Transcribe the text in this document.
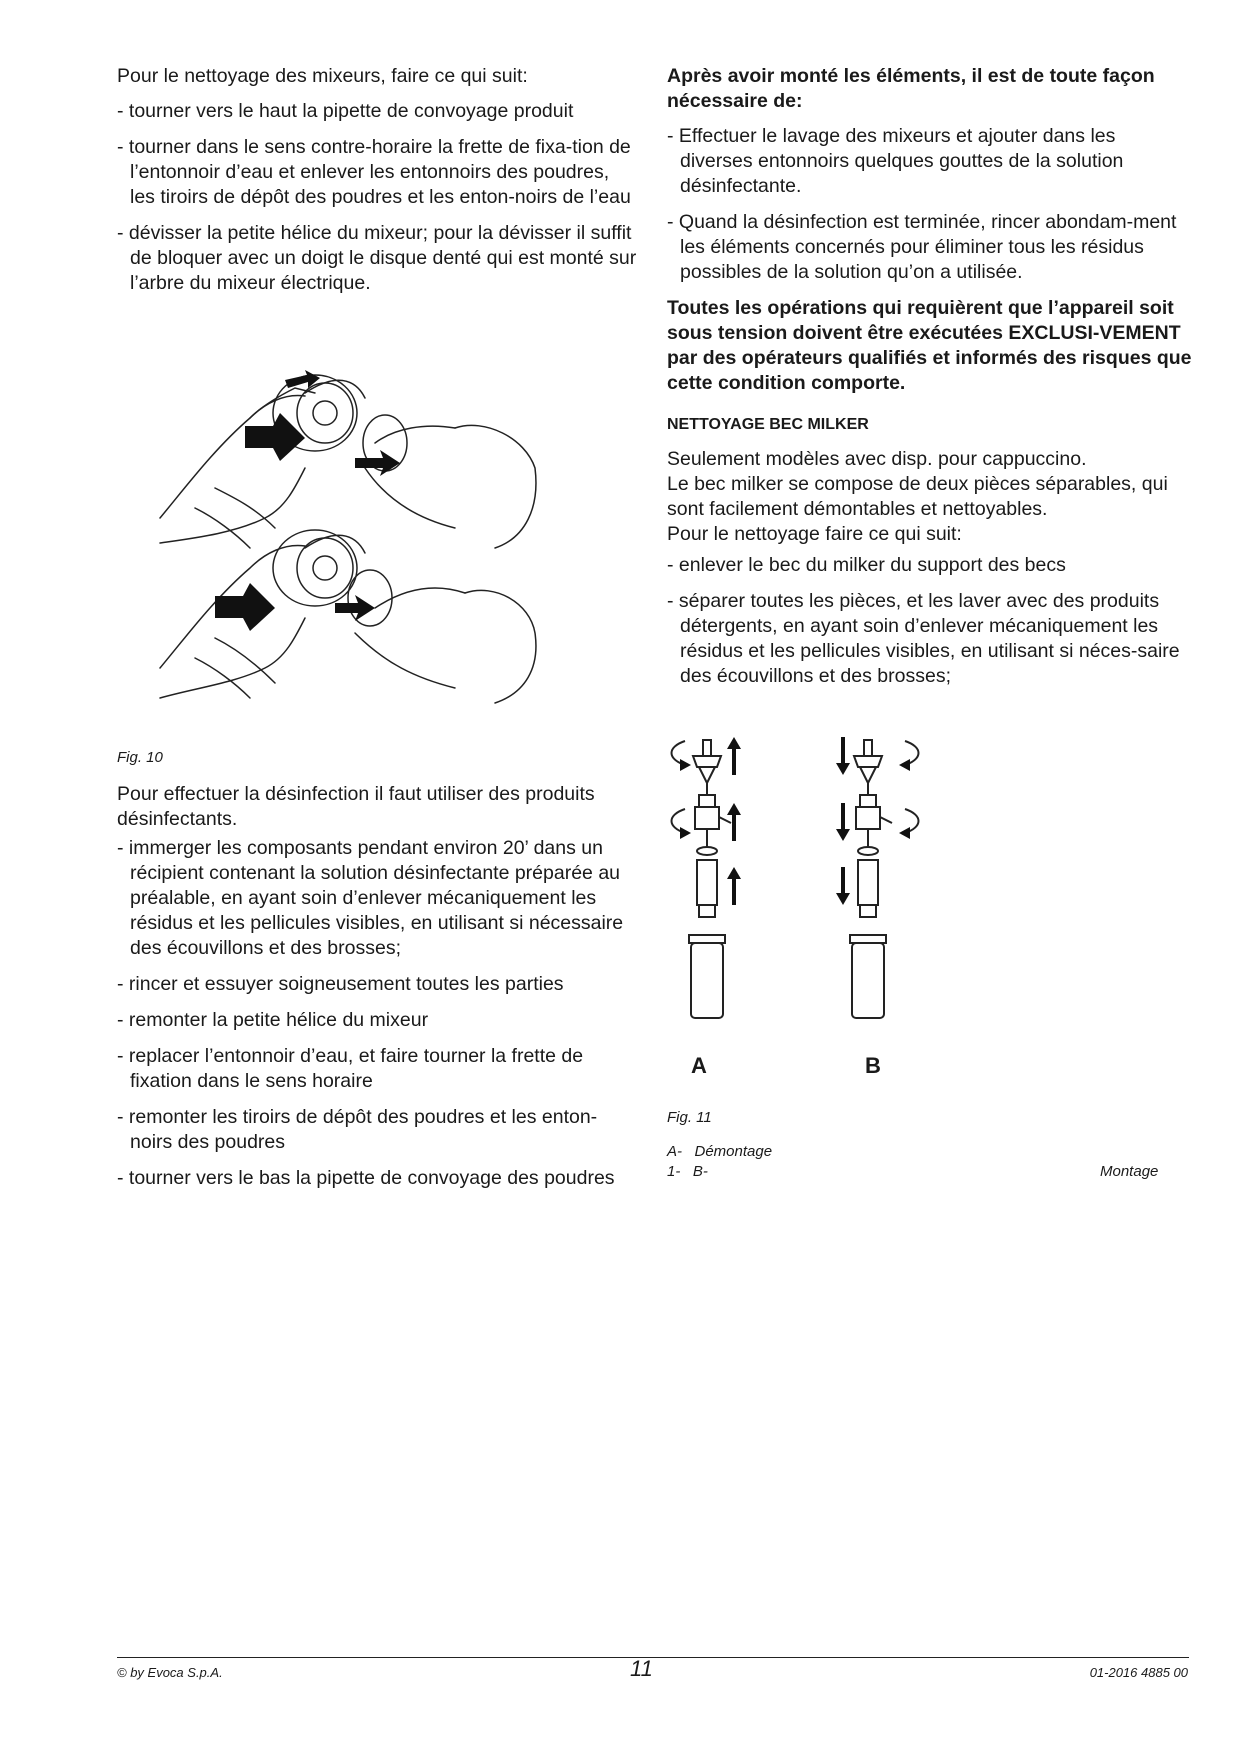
Pour le nettoyage des mixeurs, faire ce qui suit:

- tourner vers le haut la pipette de convoyage produit

- tourner dans le sens contre-horaire la frette de fixa-tion de l’entonnoir d’eau et enlever les entonnoirs des poudres, les tiroirs de dépôt des poudres et les enton-noirs de l’eau

- dévisser la petite hélice du mixeur; pour la dévisser il suffit de bloquer avec un doigt le disque denté qui est monté sur l’arbre du mixeur électrique.

Fig. 10

Pour effectuer la désinfection il faut utiliser des produits désinfectants.

- immerger les composants pendant environ 20’ dans un récipient contenant la solution désinfectante préparée au préalable, en ayant soin d’enlever mécaniquement les résidus et les pellicules visibles, en utilisant si nécessaire des écouvillons et des brosses;

- rincer et essuyer soigneusement toutes les parties

- remonter la petite hélice du mixeur

- replacer l’entonnoir d’eau, et faire tourner la frette de fixation dans le sens horaire

- remonter les tiroirs de dépôt des poudres et les enton-noirs des poudres

- tourner vers le bas la pipette de convoyage des poudres

Après avoir monté les éléments, il est de toute façon nécessaire de:

- Effectuer le lavage des mixeurs et ajouter dans les diverses entonnoirs quelques gouttes de la solution désinfectante.

- Quand la désinfection est terminée, rincer abondam-ment les éléments concernés pour éliminer tous les résidus possibles de la solution qu’on a utilisée.

Toutes les opérations qui requièrent que l’appareil soit sous tension doivent être exécutées EXCLUSI-VEMENT par des opérateurs qualifiés et informés des risques que cette condition comporte.

NETTOYAGE BEC MILKER

Seulement modèles avec disp. pour cappuccino.

Le bec milker se compose de deux pièces séparables, qui sont facilement démontables et nettoyables.

Pour le nettoyage faire ce qui suit:

- enlever le bec du milker du support des becs

- séparer toutes les pièces, et les laver avec des produits détergents, en ayant soin d’enlever mécaniquement les résidus et les pellicules visibles, en utilisant si néces-saire des écouvillons et des brosses;

A	B
Fig. 11
A-   Démontage
1-   B-	Montage
© by Evoca S.p.A.	11	01-2016 4885 00
